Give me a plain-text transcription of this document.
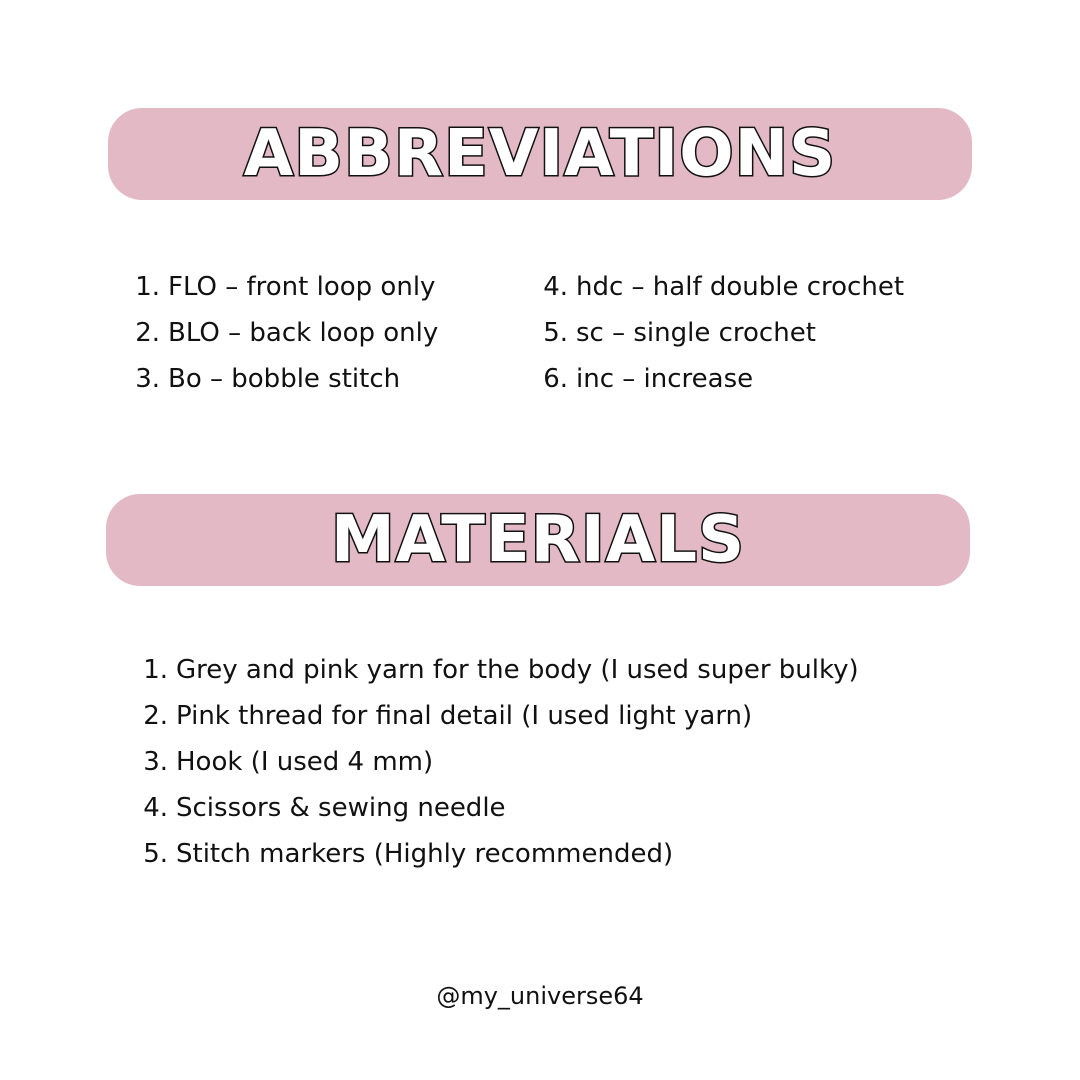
ABBREVIATIONS
1. FLO – front loop only
2. BLO – back loop only
3. Bo – bobble stitch
4. hdc – half double crochet
5. sc – single crochet
6. inc – increase
MATERIALS
1. Grey and pink yarn for the body (I used super bulky)
2. Pink thread for final detail (I used light yarn)
3. Hook (I used 4 mm)
4. Scissors & sewing needle
5. Stitch markers (Highly recommended)
@my_universe64
